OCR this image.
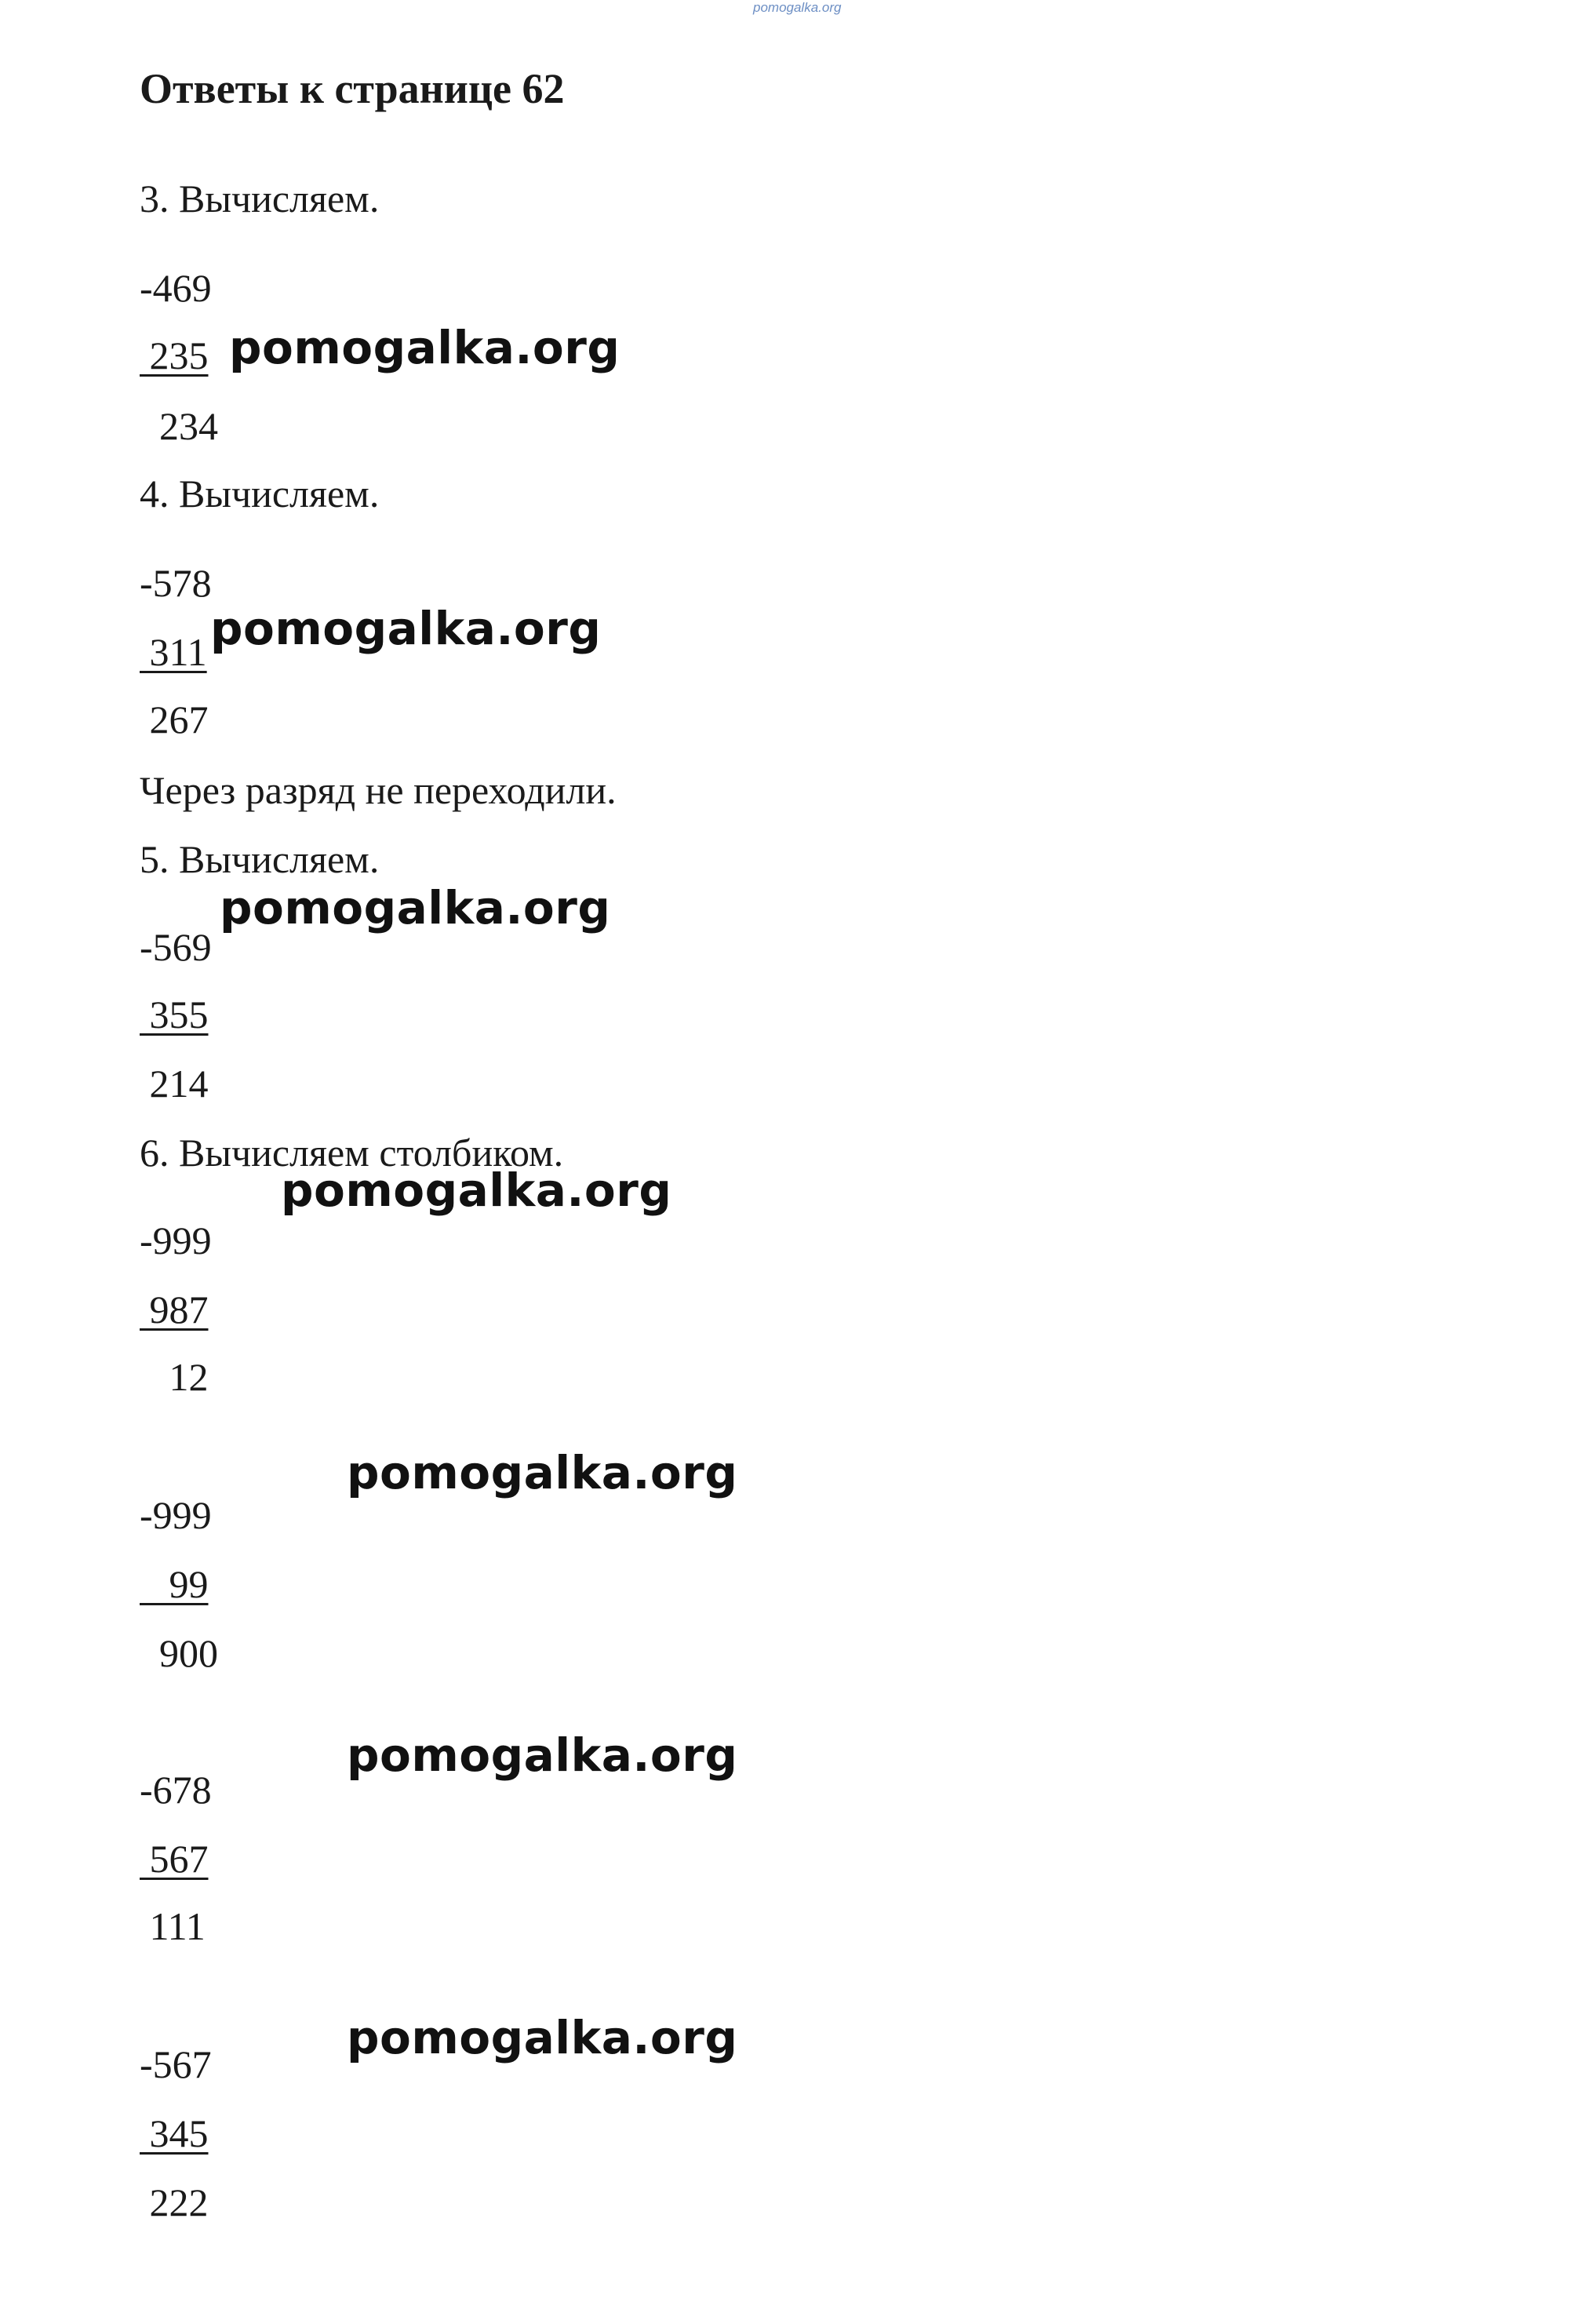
pomogalka.org
Ответы к странице 62
3. Вычисляем.
-469
235
234
pomogalka.org
4. Вычисляем.
-578
311
267
pomogalka.org
Через разряд не переходили.
5. Вычисляем.
-569
355
214
pomogalka.org
6. Вычисляем столбиком.
pomogalka.org
-999
987
12
pomogalka.org
-999
99
900
pomogalka.org
-678
567
111
pomogalka.org
-567
345
222
